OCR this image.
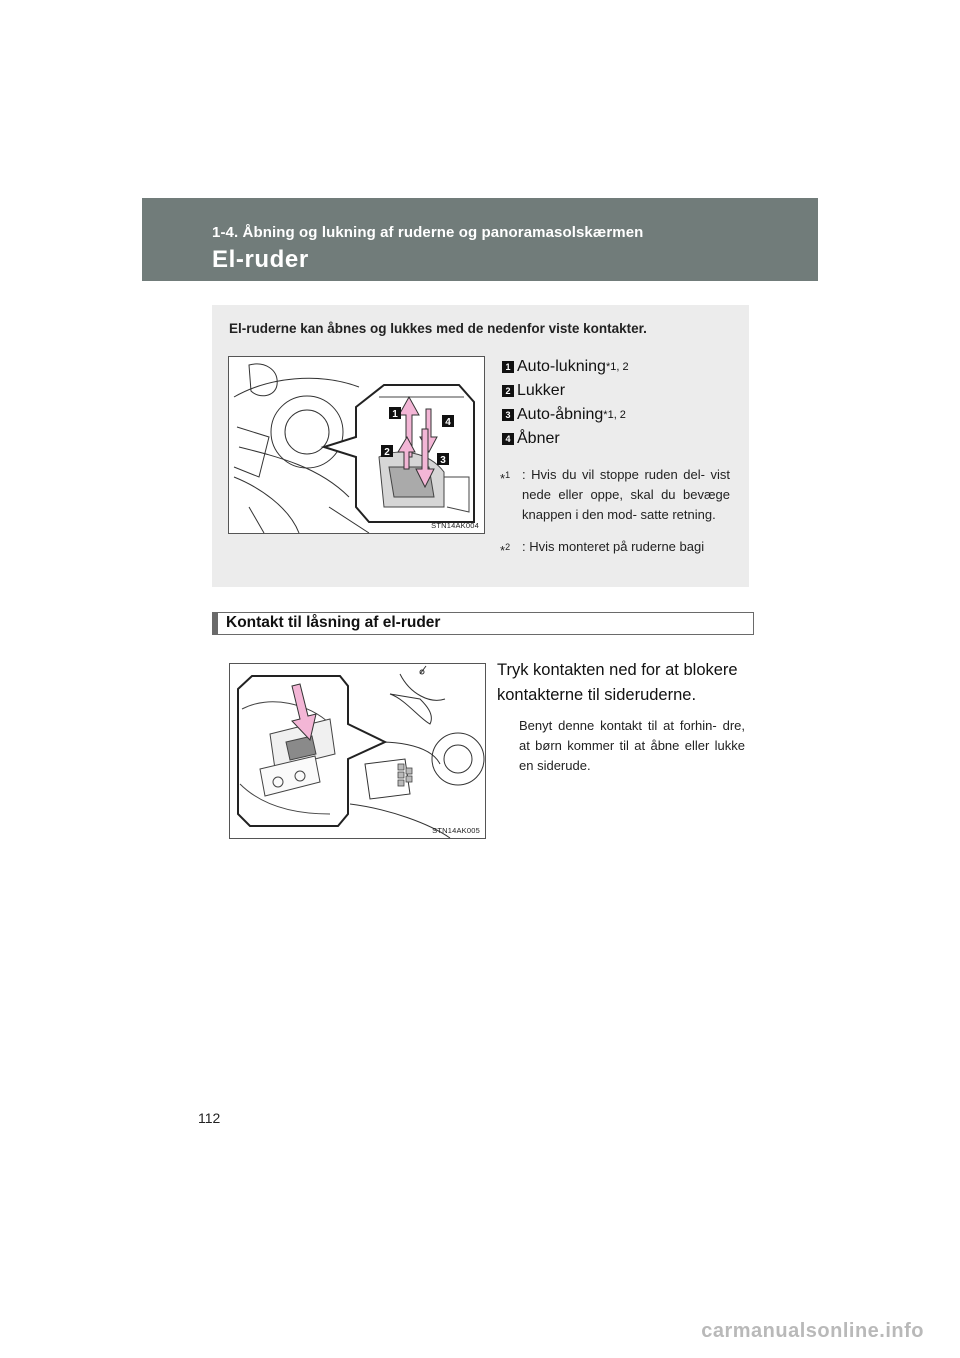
1-4. Åbning og lukning af ruderne og panoramasolskærmen
El-ruder
El-ruderne kan åbnes og lukkes med de nedenfor viste kontakter.
1
4
2
3
STN14AK004
1 Auto-lukning *1, 2
2 Lukker
3 Auto-åbning *1, 2
4 Åbner
*$^1$ : Hvis du vil stoppe ruden del- vist nede eller oppe, skal du bevæge knappen i den mod- satte retning.
*$^2$ : Hvis monteret på ruderne bagi
Kontakt til låsning af el-ruder
STN14AK005
Tryk kontakten ned for at blokere kontakterne til sideruderne.
Benyt denne kontakt til at forhin- dre, at børn kommer til at åbne eller lukke en siderude.
112
carmanualsonline.info
